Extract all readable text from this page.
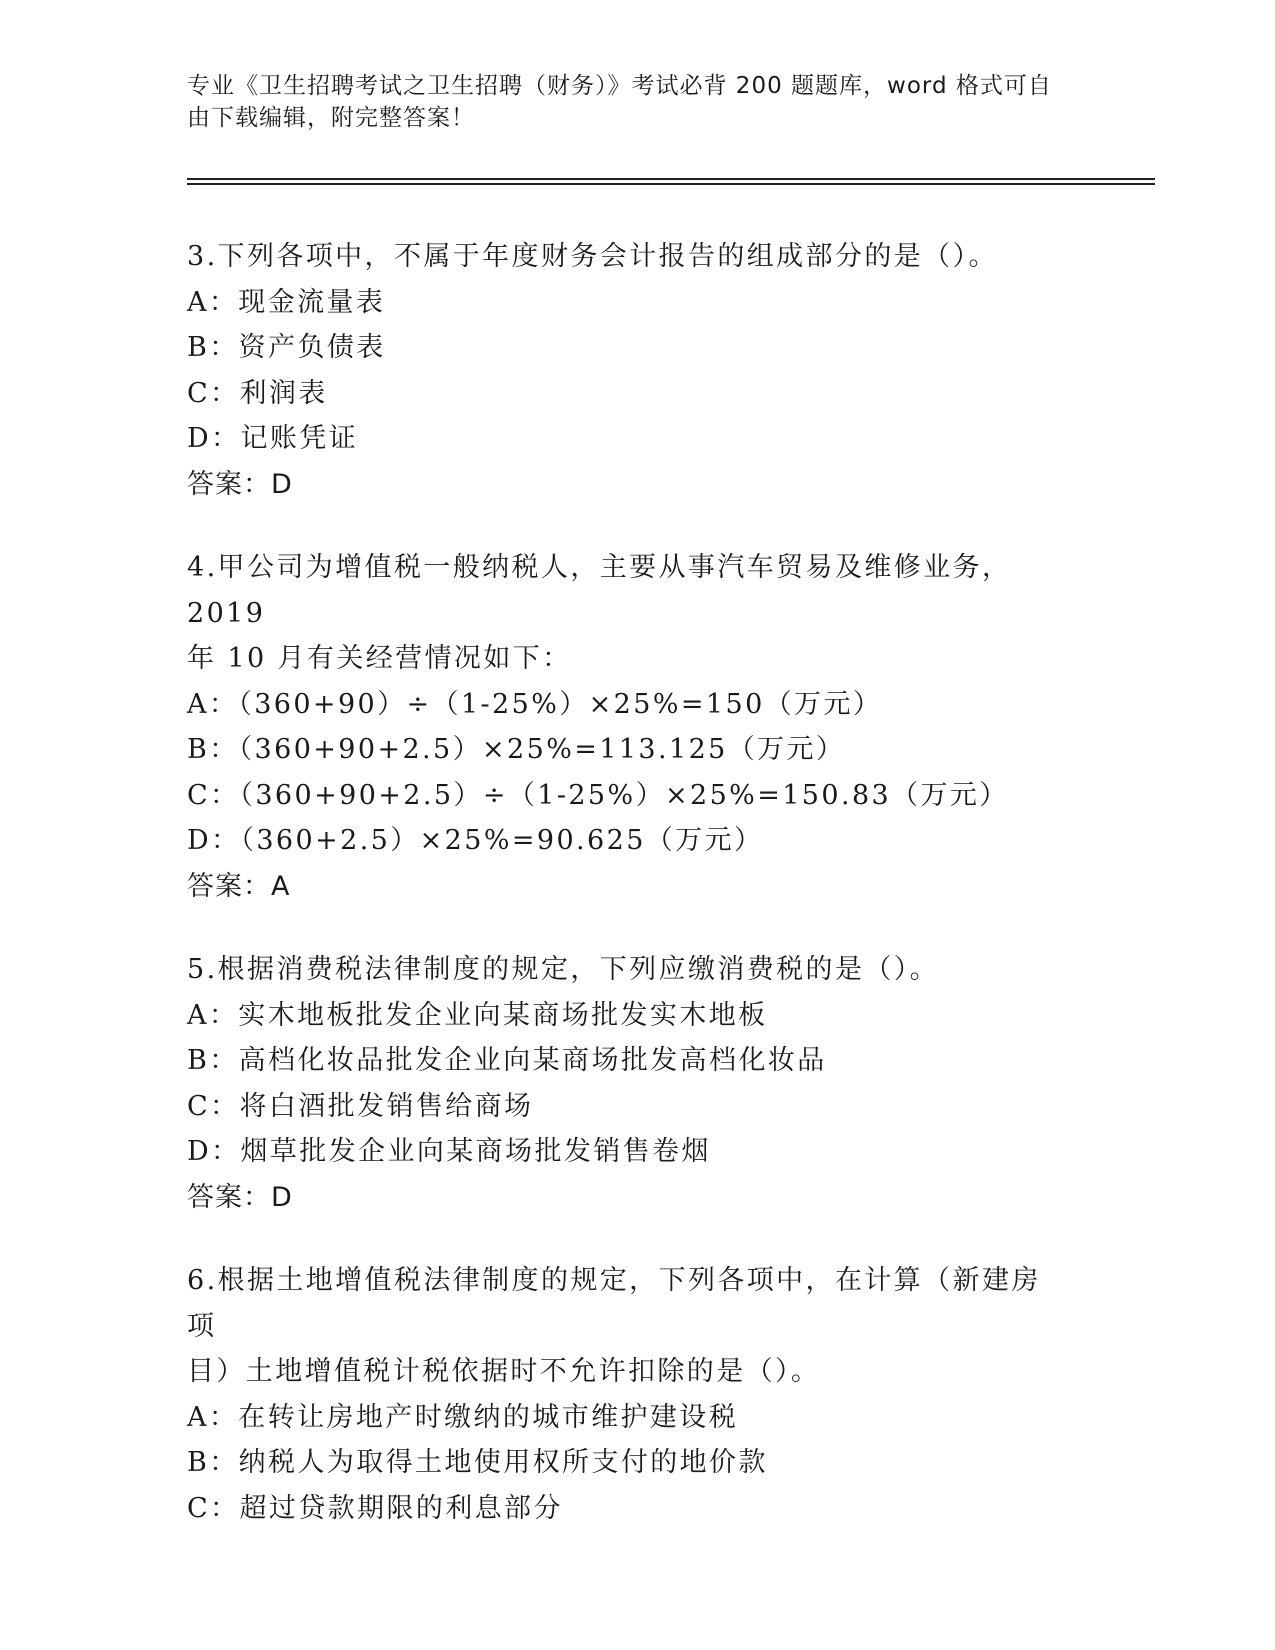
专业《卫生招聘考试之卫生招聘（财务）》考试必背 200 题题库，word 格式可自
由下载编辑，附完整答案！
3.下列各项中，不属于年度财务会计报告的组成部分的是（）。
A：现金流量表
B：资产负债表
C：利润表
D：记账凭证
答案：D
4.甲公司为增值税一般纳税人，主要从事汽车贸易及维修业务，2019
年 10 月有关经营情况如下：
A：（360+90）÷（1-25%）×25%=150（万元）
B：（360+90+2.5）×25%=113.125（万元）
C：（360+90+2.5）÷（1-25%）×25%=150.83（万元）
D：（360+2.5）×25%=90.625（万元）
答案：A
5.根据消费税法律制度的规定，下列应缴消费税的是（）。
A：实木地板批发企业向某商场批发实木地板
B：高档化妆品批发企业向某商场批发高档化妆品
C：将白酒批发销售给商场
D：烟草批发企业向某商场批发销售卷烟
答案：D
6.根据土地增值税法律制度的规定，下列各项中，在计算（新建房项
目）土地增值税计税依据时不允许扣除的是（）。
A：在转让房地产时缴纳的城市维护建设税
B：纳税人为取得土地使用权所支付的地价款
C：超过贷款期限的利息部分
